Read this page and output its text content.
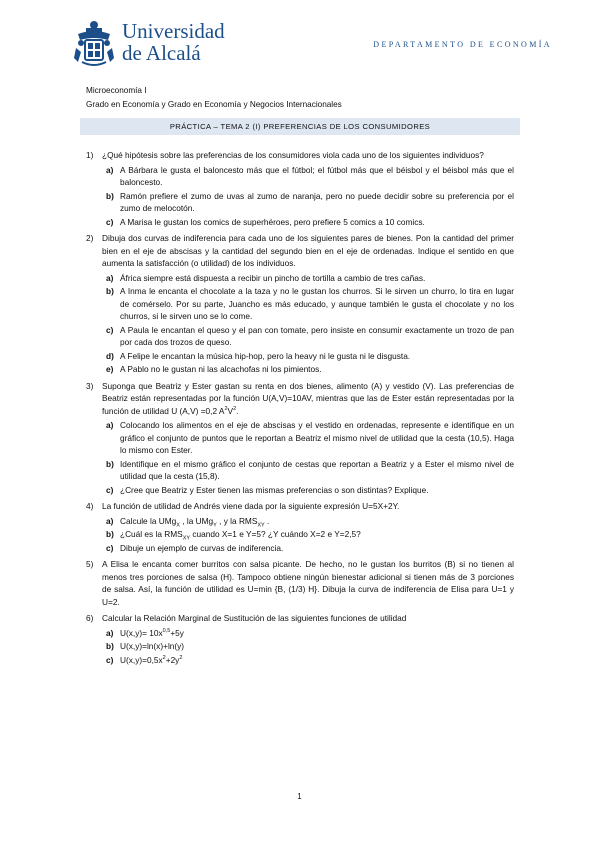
Universidad
de Alcalá	DEPARTAMENTO DE ECONOMÍA
Microeconomía I
Grado en Economía y Grado en Economía y Negocios Internacionales
PRÁCTICA – TEMA 2 (I) PREFERENCIAS DE LOS CONSUMIDORES
1) ¿Qué hipótesis sobre las preferencias de los consumidores viola cada uno de los siguientes individuos?
a) A Bárbara le gusta el baloncesto más que el fútbol; el fútbol más que el béisbol y el béisbol más que el baloncesto.
b) Ramón prefiere el zumo de uvas al zumo de naranja, pero no puede decidir sobre su preferencia por el zumo de melocotón.
c) A Marisa le gustan los comics de superhéroes, pero prefiere 5 comics a 10 comics.
2) Dibuja dos curvas de indiferencia para cada uno de los siguientes pares de bienes. Pon la cantidad del primer bien en el eje de abscisas y la cantidad del segundo bien en el eje de ordenadas. Indique el sentido en que aumenta la satisfacción (o utilidad) de los individuos.
a) África siempre está dispuesta a recibir un pincho de tortilla a cambio de tres cañas.
b) A Inma le encanta el chocolate a la taza y no le gustan los churros. Si le sirven un churro, lo tira en lugar de comérselo. Por su parte, Juancho es más educado, y aunque también le gusta el chocolate y no los churros, si le sirven uno se lo come.
c) A Paula le encantan el queso y el pan con tomate, pero insiste en consumir exactamente un trozo de pan por cada dos trozos de queso.
d) A Felipe le encantan la música hip-hop, pero la heavy ni le gusta ni le disgusta.
e) A Pablo no le gustan ni las alcachofas ni los pimientos.
3) Suponga que Beatriz y Ester gastan su renta en dos bienes, alimento (A) y vestido (V). Las preferencias de Beatriz están representadas por la función U(A,V)=10AV, mientras que las de Ester están representadas por la función de utilidad U (A,V) =0,2 $A^2V^2$.
a) Colocando los alimentos en el eje de abscisas y el vestido en ordenadas, represente e identifique en un gráfico el conjunto de puntos que le reportan a Beatriz el mismo nivel de utilidad que la cesta (10,5). Haga lo mismo con Ester.
b) Identifique en el mismo gráfico el conjunto de cestas que reportan a Beatriz y a Ester el mismo nivel de utilidad que la cesta (15,8).
c) ¿Cree que Beatriz y Ester tienen las mismas preferencias o son distintas? Explique.
4) La función de utilidad de Andrés viene dada por la siguiente expresión U=5X+2Y.
a) Calcule la UMg$_X$ , la UMg$_Y$ , y la $RMS_{XY}$ .
b) ¿Cuál es la $RMS_{XY}$ cuando X=1 e Y=5? ¿Y cuándo X=2 e Y=2,5?
c) Dibuje un ejemplo de curvas de indiferencia.
5) A Elisa le encanta comer burritos con salsa picante. De hecho, no le gustan los burritos (B) si no tienen al menos tres porciones de salsa (H). Tampoco obtiene ningún bienestar adicional si tienen más de 3 porciones de salsa. Así, la función de utilidad es U=min {B, (1/3) H}. Dibuja la curva de indiferencia de Elisa para U=1 y U=2.
6) Calcular la Relación Marginal de Sustitución de las siguientes funciones de utilidad
a) $U(x,y)= 10x^{0,5}+5y$
b) U(x,y)=ln(x)+ln(y)
c) $U(x,y)=0,5x^2+2y^2$
1
